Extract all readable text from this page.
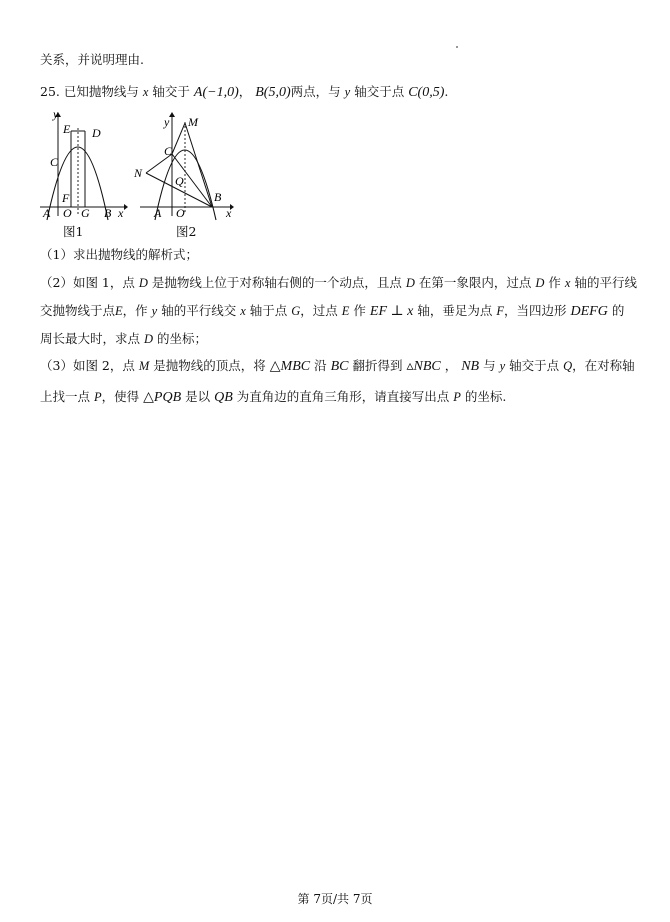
关系，并说明理由.
25. 已知抛物线与 x 轴交于 A(−1,0)， B(5,0)两点，与 y 轴交于点 C(0,5).
y
E D
C
F
A O G B x
图1
y M
C
N
Q
A O
B
x
图2
（1）求出抛物线的解析式；
（2）如图 1，点 D 是抛物线上位于对称轴右侧的一个动点，且点 D 在第一象限内，过点 D 作 x 轴的平行线
交抛物线于点E，作 y 轴的平行线交 x 轴于点 G，过点 E 作 EF ⊥ x 轴，垂足为点 F，当四边形 DEFG 的
周长最大时，求点 D 的坐标；
（3）如图 2，点 M 是抛物线的顶点，将 △MBC 沿 BC 翻折得到 ▵NBC ， NB 与 y 轴交于点 Q，在对称轴
上找一点 P，使得 △PQB 是以 QB 为直角边的直角三角形，请直接写出点 P 的坐标.
第 7页/共 7页
